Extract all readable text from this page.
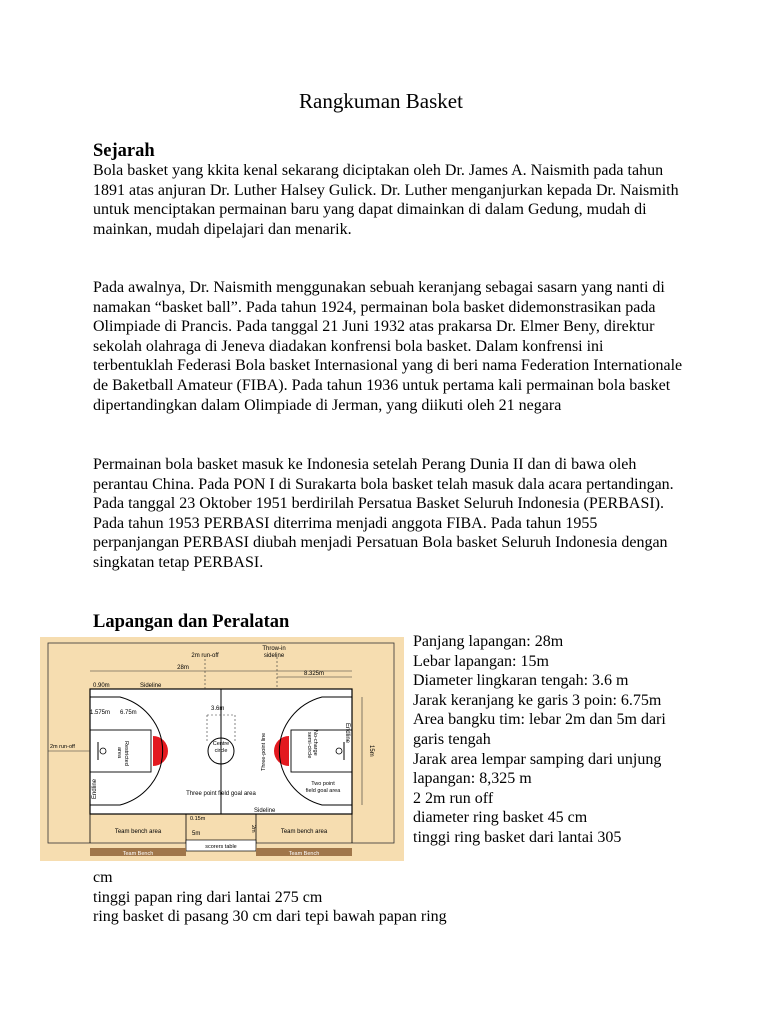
Rangkuman Basket
Sejarah

Bola basket yang kkita kenal sekarang diciptakan oleh Dr. James A. Naismith pada tahun 1891 atas anjuran Dr. Luther Halsey Gulick. Dr. Luther menganjurkan kepada Dr. Naismith untuk menciptakan permainan baru yang dapat dimainkan di dalam Gedung, mudah di mainkan, mudah dipelajari dan menarik.

Pada awalnya, Dr. Naismith menggunakan sebuah keranjang sebagai sasarn yang nanti di namakan “basket ball”. Pada tahun 1924, permainan bola basket didemonstrasikan pada Olimpiade di Prancis. Pada tanggal 21 Juni 1932 atas prakarsa Dr. Elmer Beny, direktur sekolah olahraga di Jeneva diadakan konfrensi bola basket. Dalam konfrensi ini terbentuklah Federasi Bola basket Internasional yang di beri nama Federation Internationale de Baketball Amateur (FIBA). Pada tahun 1936 untuk pertama kali permainan bola basket dipertandingkan dalam Olimpiade di Jerman, yang diikuti oleh 21 negara

Permainan bola basket masuk ke Indonesia setelah Perang Dunia II dan di bawa oleh perantau China. Pada PON I di Surakarta bola basket telah masuk dala acara pertandingan. Pada tanggal 23 Oktober 1951 berdirilah Persatua Basket Seluruh Indonesia (PERBASI). Pada tahun 1953 PERBASI diterrima menjadi anggota FIBA. Pada tahun 1955 perpanjangan PERBASI diubah menjadi Persatuan Bola basket Seluruh Indonesia dengan singkatan tetap PERBASI.

Lapangan dan Peralatan
2m run-off
Throw-in
sideline
28m
8.325m
0.90m	Sideline
1.575m 6.75m
3.6m
Centre
circle
Restricted
area	Three-point line	No-charge
semi-circle	Endline
15m
2m run-off
Endline	Three point field goal area
Two point
field goal area
Sideline
0.15m
5m
2m
Team bench area	Team bench area
scorers table
Team Bench	Team Bench
Panjang lapangan: 28m
Lebar lapangan: 15m
Diameter lingkaran tengah: 3.6 m
Jarak keranjang ke garis 3 poin: 6.75m
Area bangku tim: lebar 2m dan 5m dari garis tengah
Jarak area lempar samping dari unjung lapangan: 8,325 m
2 2m run off
diameter ring basket 45 cm
tinggi ring basket dari lantai 305
cm
tinggi papan ring dari lantai 275 cm
ring basket di pasang 30 cm dari tepi bawah papan ring
